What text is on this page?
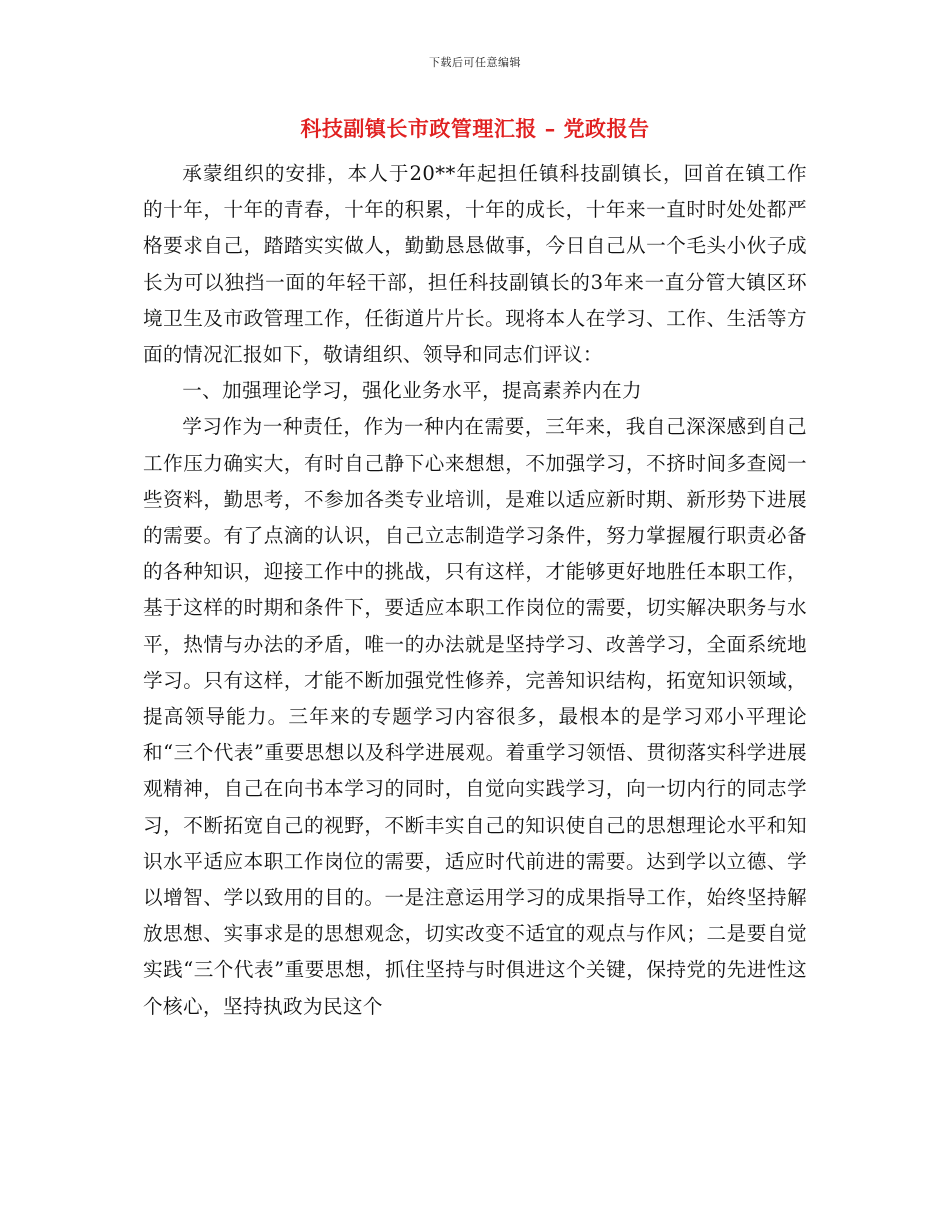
下载后可任意编辑
科技副镇长市政管理汇报 – 党政报告

承蒙组织的安排，本人于20**年起担任镇科技副镇长，回首在镇工作的十年，十年的青春，十年的积累，十年的成长，十年来一直时时处处都严格要求自己，踏踏实实做人，勤勤恳恳做事，今日自己从一个毛头小伙子成长为可以独挡一面的年轻干部，担任科技副镇长的3年来一直分管大镇区环境卫生及市政管理工作，任街道片片长。现将本人在学习、工作、生活等方面的情况汇报如下，敬请组织、领导和同志们评议：

一、加强理论学习，强化业务水平，提高素养内在力

学习作为一种责任，作为一种内在需要，三年来，我自己深深感到自己工作压力确实大，有时自己静下心来想想，不加强学习，不挤时间多查阅一些资料，勤思考，不参加各类专业培训，是难以适应新时期、新形势下进展的需要。有了点滴的认识，自己立志制造学习条件，努力掌握履行职责必备的各种知识，迎接工作中的挑战，只有这样，才能够更好地胜任本职工作，基于这样的时期和条件下，要适应本职工作岗位的需要，切实解决职务与水平，热情与办法的矛盾，唯一的办法就是坚持学习、改善学习，全面系统地学习。只有这样，才能不断加强党性修养，完善知识结构，拓宽知识领域，提高领导能力。三年来的专题学习内容很多，最根本的是学习邓小平理论和“三个代表”重要思想以及科学进展观。着重学习领悟、贯彻落实科学进展观精神，自己在向书本学习的同时，自觉向实践学习，向一切内行的同志学习，不断拓宽自己的视野，不断丰实自己的知识使自己的思想理论水平和知识水平适应本职工作岗位的需要，适应时代前进的需要。达到学以立德、学以增智、学以致用的目的。一是注意运用学习的成果指导工作，始终坚持解放思想、实事求是的思想观念，切实改变不适宜的观点与作风；二是要自觉实践“三个代表”重要思想，抓住坚持与时俱进这个关键，保持党的先进性这个核心，坚持执政为民这个
